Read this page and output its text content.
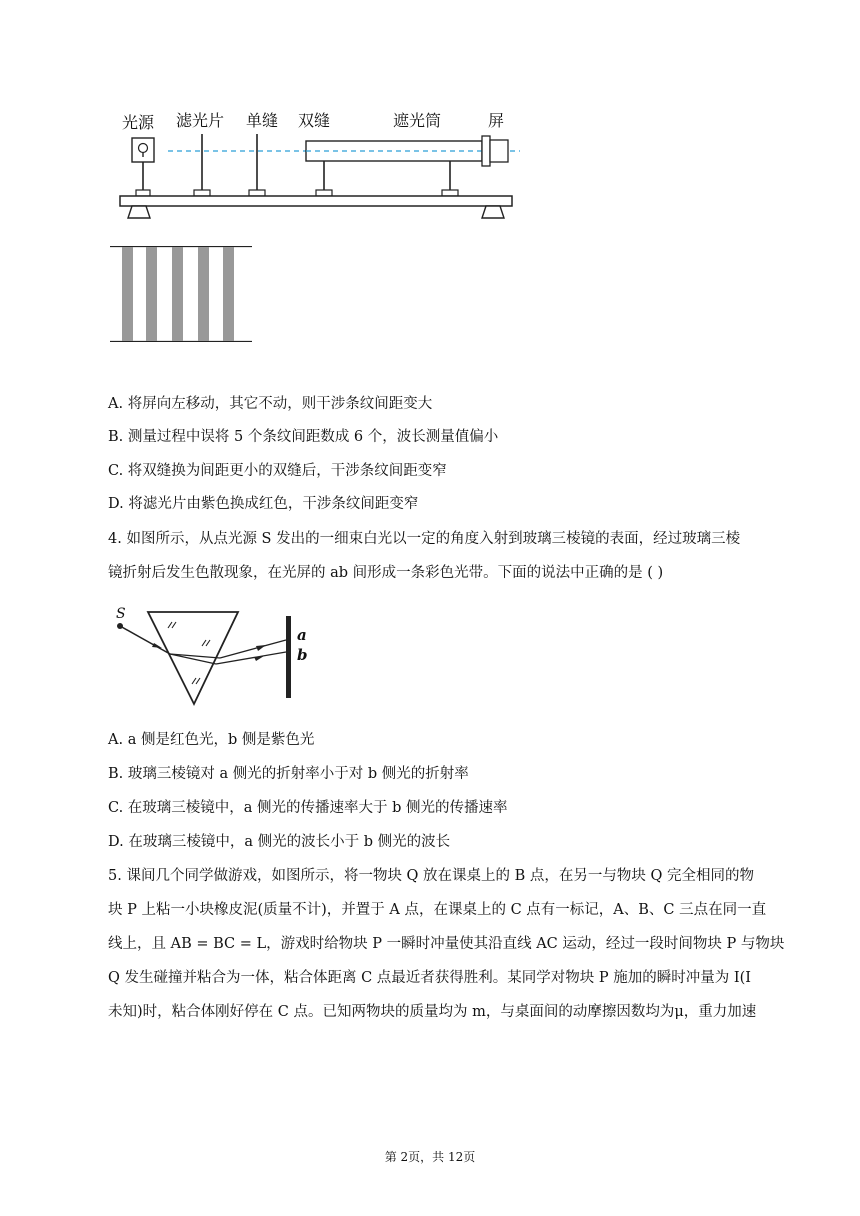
光源 滤光片 单缝 双缝	遮光筒	屏
A. 将屏向左移动，其它不动，则干涉条纹间距变大
B. 测量过程中误将 5 个条纹间距数成 6 个，波长测量值偏小
C. 将双缝换为间距更小的双缝后，干涉条纹间距变窄
D. 将滤光片由紫色换成红色，干涉条纹间距变窄
4. 如图所示，从点光源 S 发出的一细束白光以一定的角度入射到玻璃三棱镜的表面，经过玻璃三棱
镜折射后发生色散现象，在光屏的 ab 间形成一条彩色光带。下面的说法中正确的是 ( )
S
a
b
A. a 侧是红色光，b 侧是紫色光
B. 玻璃三棱镜对 a 侧光的折射率小于对 b 侧光的折射率
C. 在玻璃三棱镜中，a 侧光的传播速率大于 b 侧光的传播速率
D. 在玻璃三棱镜中，a 侧光的波长小于 b 侧光的波长
5. 课间几个同学做游戏，如图所示，将一物块 Q 放在课桌上的 B 点，在另一与物块 Q 完全相同的物
块 P 上粘一小块橡皮泥(质量不计)，并置于 A 点，在课桌上的 C 点有一标记，A、B、C 三点在同一直
线上，且 AB = BC = L，游戏时给物块 P 一瞬时冲量使其沿直线 AC 运动，经过一段时间物块 P 与物块
Q 发生碰撞并粘合为一体，粘合体距离 C 点最近者获得胜利。某同学对物块 P 施加的瞬时冲量为 I(I
未知)时，粘合体刚好停在 C 点。已知两物块的质量均为 m，与桌面间的动摩擦因数均为μ，重力加速
第 2页，共 12页
